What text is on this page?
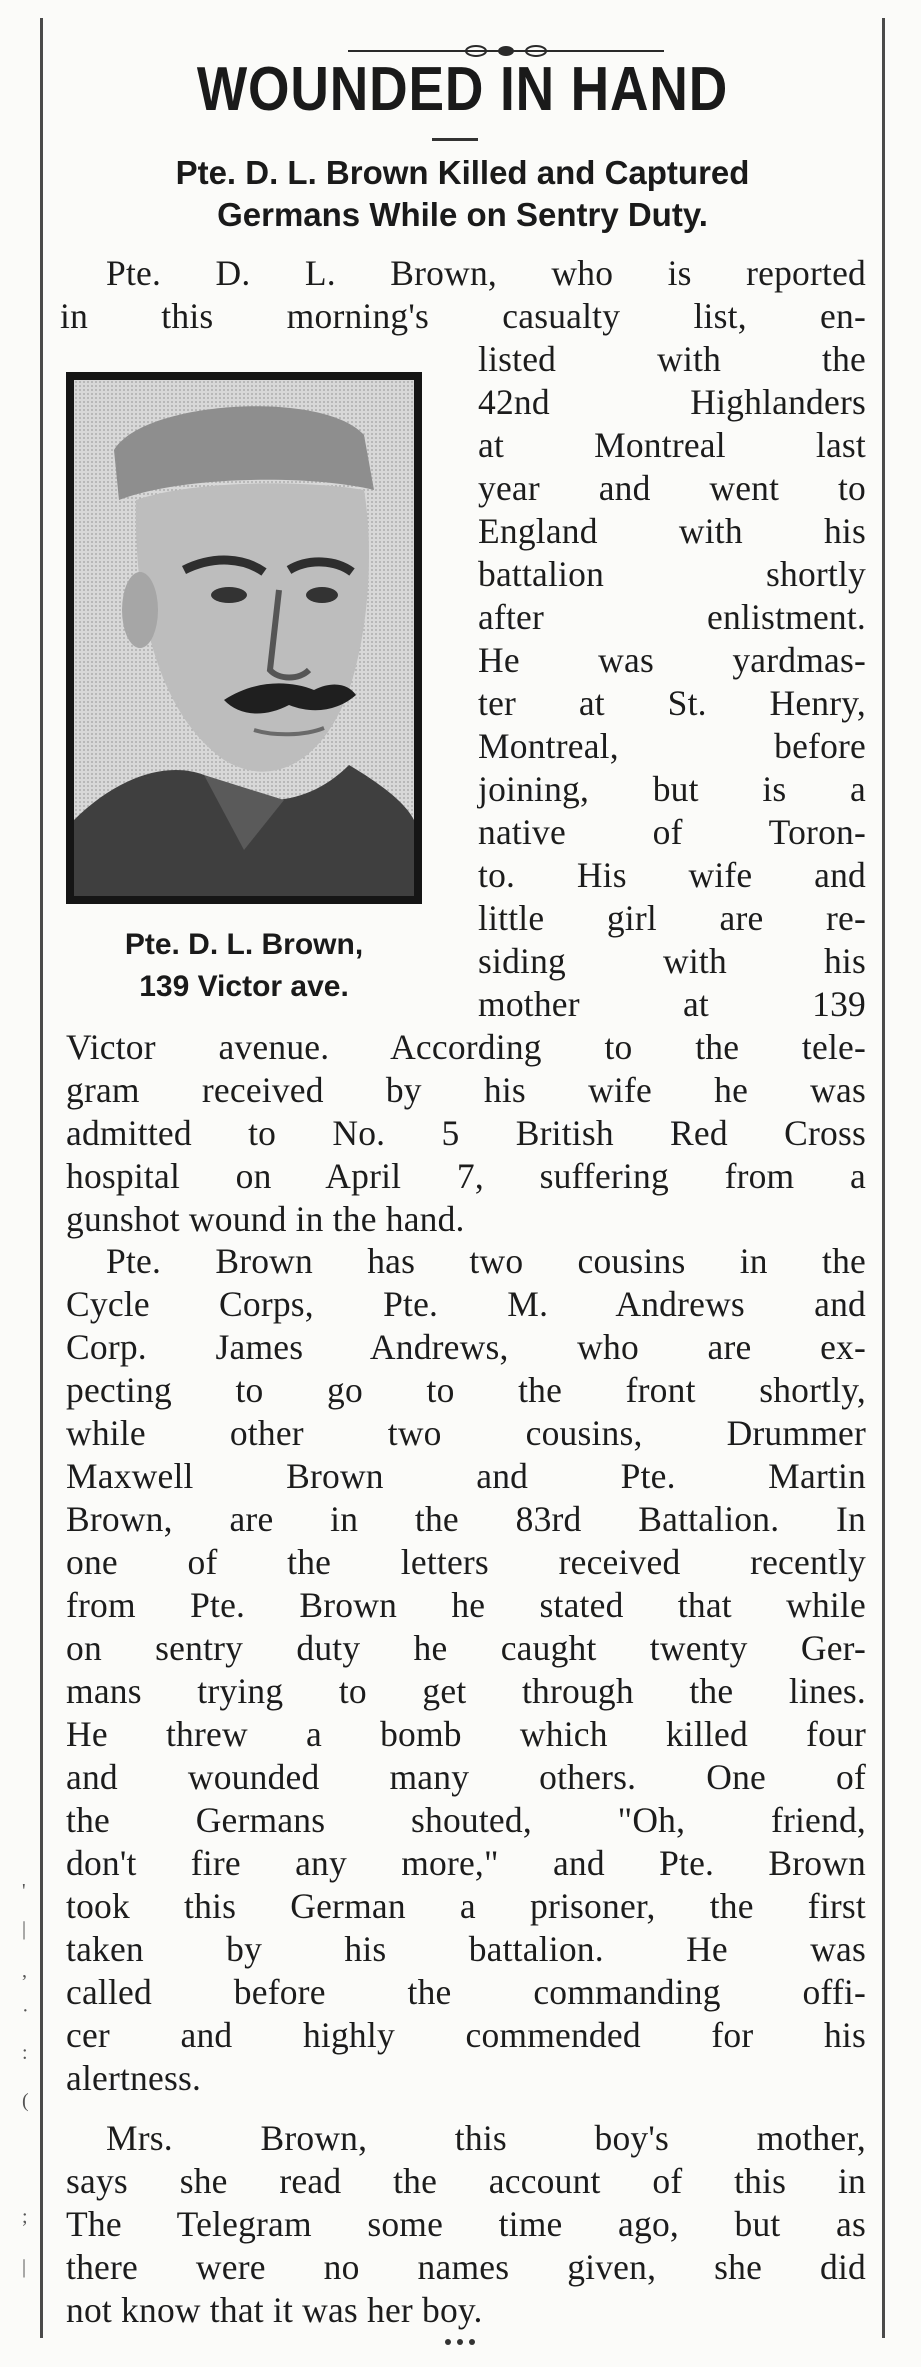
'
|
,
·
:
(
;
|
WOUNDED IN HAND
Pte. D. L. Brown Killed and Captured
Germans While on Sentry Duty.
Pte. D. L. Brown, who is reported
in this morning's casualty list, en-
Pte. D. L. Brown,
139 Victor ave.
listed with the
42nd Highlanders
at Montreal last
year and went to
England with his
battalion shortly
after enlistment.
He was yardmas-
ter at St. Henry,
Montreal, before
joining, but is a
native of Toron-
to. His wife and
little girl are re-
siding with his
mother at 139
Victor avenue. According to the tele-
gram received by his wife he was
admitted to No. 5 British Red Cross
hospital on April 7, suffering from a
gunshot wound in the hand.
Pte. Brown has two cousins in the
Cycle Corps, Pte. M. Andrews and
Corp. James Andrews, who are ex-
pecting to go to the front shortly,
while other two cousins, Drummer
Maxwell Brown and Pte. Martin
Brown, are in the 83rd Battalion. In
one of the letters received recently
from Pte. Brown he stated that while
on sentry duty he caught twenty Ger-
mans trying to get through the lines.
He threw a bomb which killed four
and wounded many others. One of
the Germans shouted, "Oh, friend,
don't fire any more," and Pte. Brown
took this German a prisoner, the first
taken by his battalion. He was
called before the commanding offi-
cer and highly commended for his
alertness.
Mrs. Brown, this boy's mother,
says she read the account of this in
The Telegram some time ago, but as
there were no names given, she did
not know that it was her boy.
